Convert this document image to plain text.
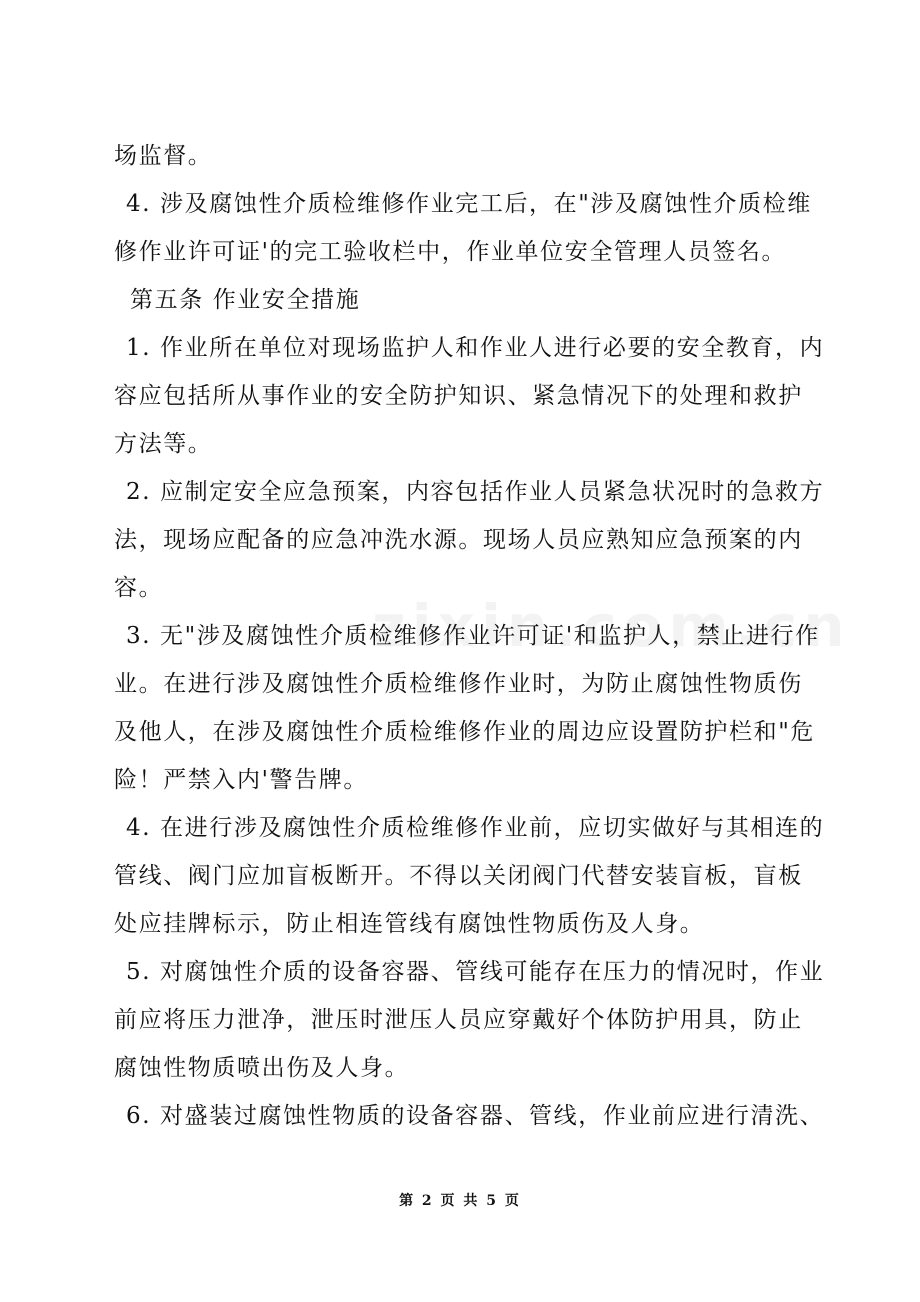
场监督。
4. 涉及腐蚀性介质检维修作业完工后，在"涉及腐蚀性介质检维
修作业许可证'的完工验收栏中，作业单位安全管理人员签名。
第五条 作业安全措施
1. 作业所在单位对现场监护人和作业人进行必要的安全教育，内
容应包括所从事作业的安全防护知识、紧急情况下的处理和救护
方法等。
2. 应制定安全应急预案，内容包括作业人员紧急状况时的急救方
法，现场应配备的应急冲洗水源。现场人员应熟知应急预案的内
容。
3. 无"涉及腐蚀性介质检维修作业许可证'和监护人，禁止进行作
业。在进行涉及腐蚀性介质检维修作业时，为防止腐蚀性物质伤
及他人，在涉及腐蚀性介质检维修作业的周边应设置防护栏和"危
险！严禁入内'警告牌。
4. 在进行涉及腐蚀性介质检维修作业前，应切实做好与其相连的
管线、阀门应加盲板断开。不得以关闭阀门代替安装盲板，盲板
处应挂牌标示，防止相连管线有腐蚀性物质伤及人身。
5. 对腐蚀性介质的设备容器、管线可能存在压力的情况时，作业
前应将压力泄净，泄压时泄压人员应穿戴好个体防护用具，防止
腐蚀性物质喷出伤及人身。
6. 对盛装过腐蚀性物质的设备容器、管线，作业前应进行清洗、
第 2 页 共 5 页
